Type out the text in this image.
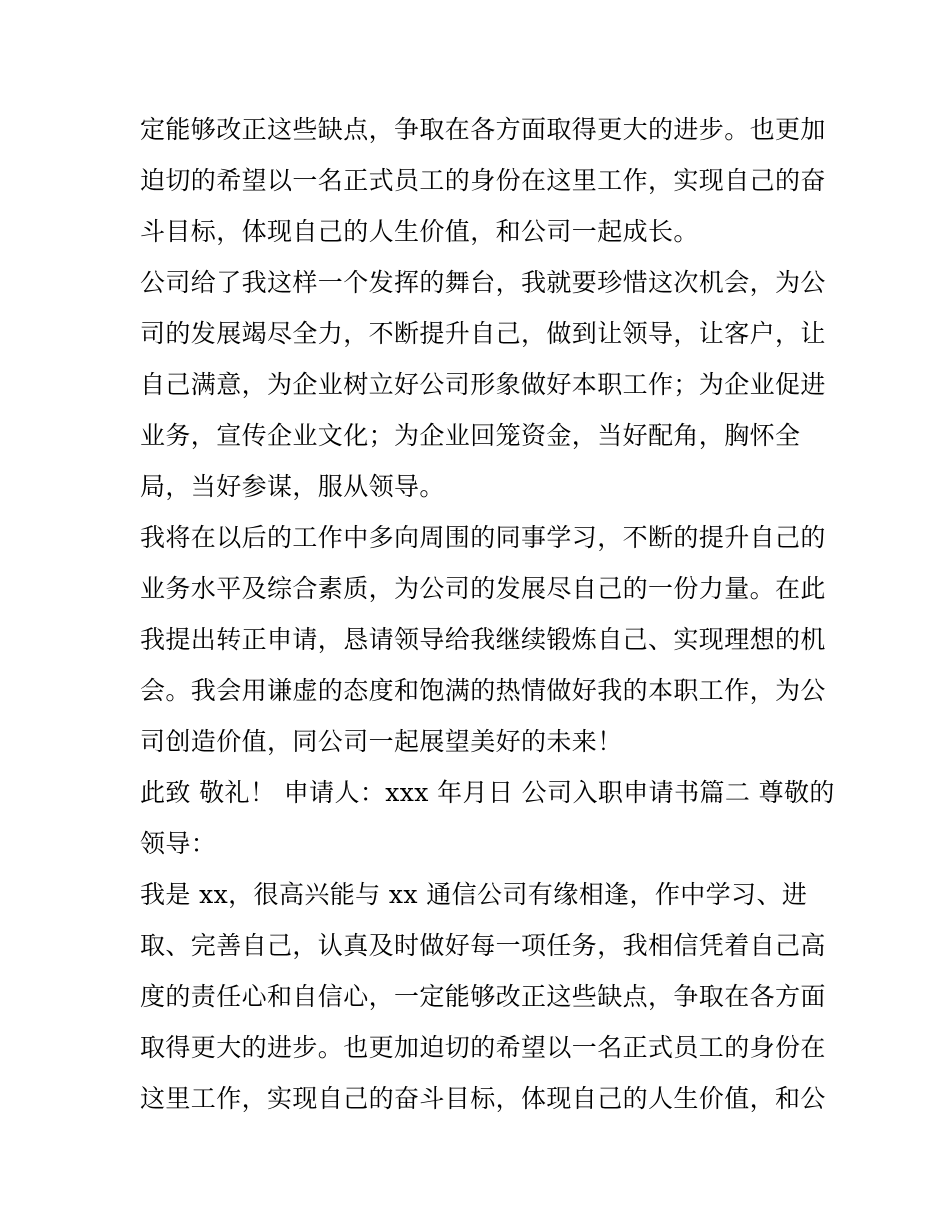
定能够改正这些缺点，争取在各方面取得更大的进步。也更加
迫切的希望以一名正式员工的身份在这里工作，实现自己的奋
斗目标，体现自己的人生价值，和公司一起成长。
公司给了我这样一个发挥的舞台，我就要珍惜这次机会，为公
司的发展竭尽全力，不断提升自己，做到让领导，让客户，让
自己满意，为企业树立好公司形象做好本职工作；为企业促进
业务，宣传企业文化；为企业回笼资金，当好配角，胸怀全
局，当好参谋，服从领导。
我将在以后的工作中多向周围的同事学习，不断的提升自己的
业务水平及综合素质，为公司的发展尽自己的一份力量。在此
我提出转正申请，恳请领导给我继续锻炼自己、实现理想的机
会。我会用谦虚的态度和饱满的热情做好我的本职工作，为公
司创造价值，同公司一起展望美好的未来！
此致 敬礼！ 申请人：xxx 年月日 公司入职申请书篇二 尊敬的
领导：
我是 xx，很高兴能与 xx 通信公司有缘相逢，作中学习、进
取、完善自己，认真及时做好每一项任务，我相信凭着自己高
度的责任心和自信心，一定能够改正这些缺点，争取在各方面
取得更大的进步。也更加迫切的希望以一名正式员工的身份在
这里工作，实现自己的奋斗目标，体现自己的人生价值，和公
